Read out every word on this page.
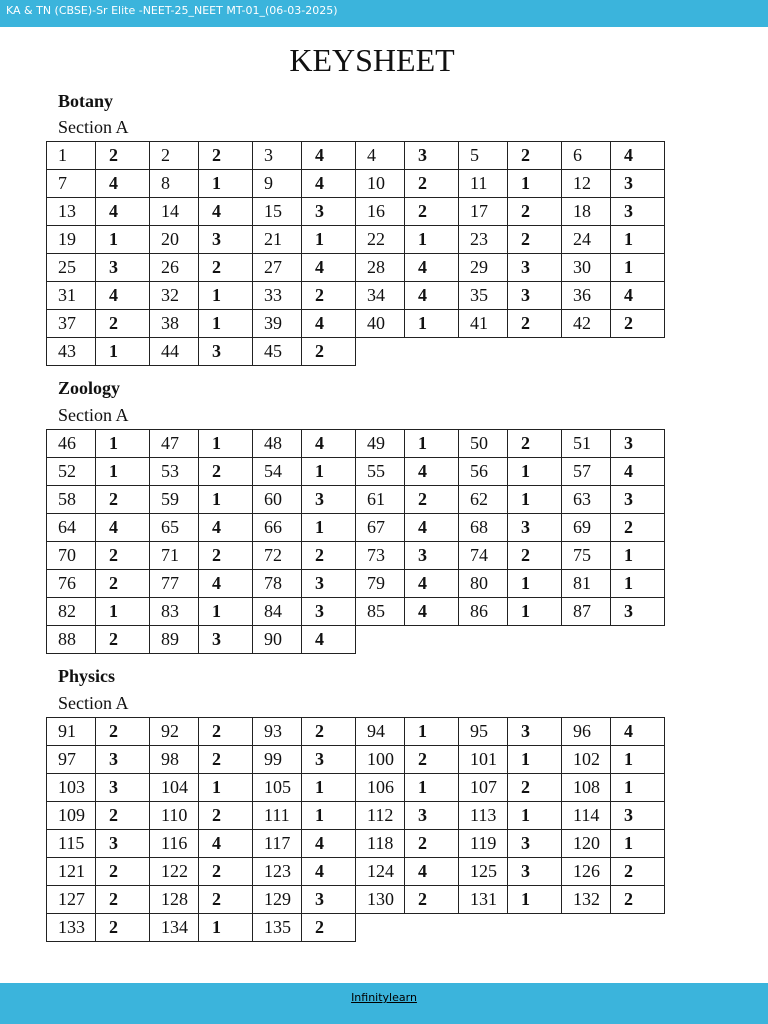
KA & TN (CBSE)-Sr Elite -NEET-25_NEET MT-01_(06-03-2025)
KEYSHEET
Botany
Section A
1	2	2	2	3	4	4	3	5	2	6	4
7	4	8	1	9	4	10	2	11	1	12	3
13	4	14	4	15	3	16	2	17	2	18	3
19	1	20	3	21	1	22	1	23	2	24	1
25	3	26	2	27	4	28	4	29	3	30	1
31	4	32	1	33	2	34	4	35	3	36	4
37	2	38	1	39	4	40	1	41	2	42	2
43	1	44	3	45	2						
Zoology
Section A
46	1	47	1	48	4	49	1	50	2	51	3
52	1	53	2	54	1	55	4	56	1	57	4
58	2	59	1	60	3	61	2	62	1	63	3
64	4	65	4	66	1	67	4	68	3	69	2
70	2	71	2	72	2	73	3	74	2	75	1
76	2	77	4	78	3	79	4	80	1	81	1
82	1	83	1	84	3	85	4	86	1	87	3
88	2	89	3	90	4						
Physics
Section A
91	2	92	2	93	2	94	1	95	3	96	4
97	3	98	2	99	3	100	2	101	1	102	1
103	3	104	1	105	1	106	1	107	2	108	1
109	2	110	2	111	1	112	3	113	1	114	3
115	3	116	4	117	4	118	2	119	3	120	1
121	2	122	2	123	4	124	4	125	3	126	2
127	2	128	2	129	3	130	2	131	1	132	2
133	2	134	1	135	2						
Infinitylearn
